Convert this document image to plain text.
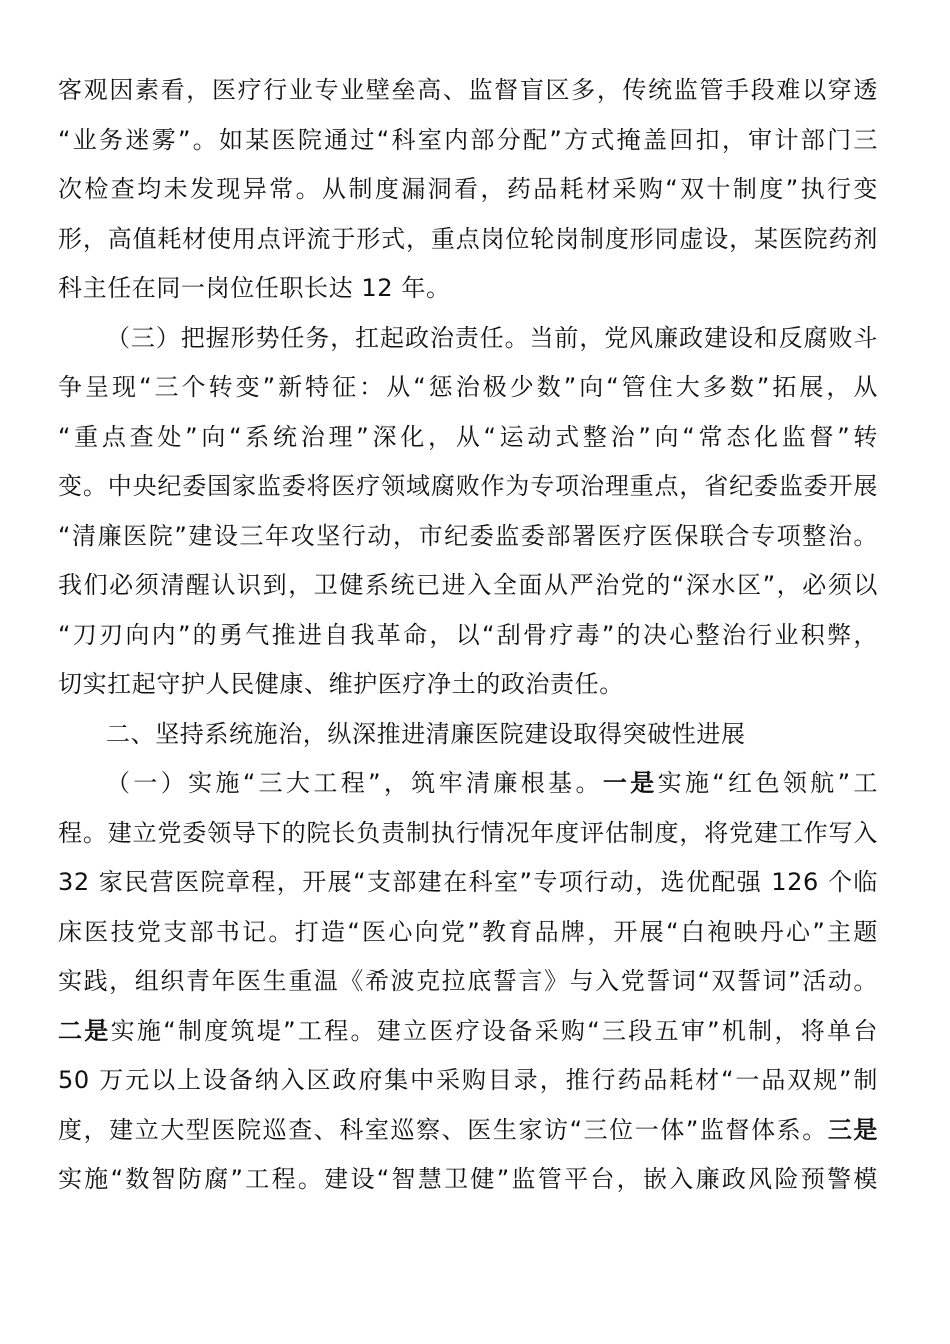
客观因素看，医疗行业专业壁垒高、监督盲区多，传统监管手段难以穿透
“业务迷雾”。如某医院通过“科室内部分配”方式掩盖回扣，审计部门三
次检查均未发现异常。从制度漏洞看，药品耗材采购“双十制度”执行变
形，高值耗材使用点评流于形式，重点岗位轮岗制度形同虚设，某医院药剂
科主任在同一岗位任职长达 12 年。
（三）把握形势任务，扛起政治责任。当前，党风廉政建设和反腐败斗
争呈现“三个转变”新特征：从“惩治极少数”向“管住大多数”拓展，从
“重点查处”向“系统治理”深化，从“运动式整治”向“常态化监督”转
变。中央纪委国家监委将医疗领域腐败作为专项治理重点，省纪委监委开展
“清廉医院”建设三年攻坚行动，市纪委监委部署医疗医保联合专项整治。
我们必须清醒认识到，卫健系统已进入全面从严治党的“深水区”，必须以
“刀刃向内”的勇气推进自我革命，以“刮骨疗毒”的决心整治行业积弊，
切实扛起守护人民健康、维护医疗净土的政治责任。
二、坚持系统施治，纵深推进清廉医院建设取得突破性进展
（一）实施“三大工程”，筑牢清廉根基。一是实施“红色领航”工
程。建立党委领导下的院长负责制执行情况年度评估制度，将党建工作写入
32 家民营医院章程，开展“支部建在科室”专项行动，选优配强 126 个临
床医技党支部书记。打造“医心向党”教育品牌，开展“白袍映丹心”主题
实践，组织青年医生重温《希波克拉底誓言》与入党誓词“双誓词”活动。
二是实施“制度筑堤”工程。建立医疗设备采购“三段五审”机制，将单台
50 万元以上设备纳入区政府集中采购目录，推行药品耗材“一品双规”制
度，建立大型医院巡查、科室巡察、医生家访“三位一体”监督体系。三是
实施“数智防腐”工程。建设“智慧卫健”监管平台，嵌入廉政风险预警模
